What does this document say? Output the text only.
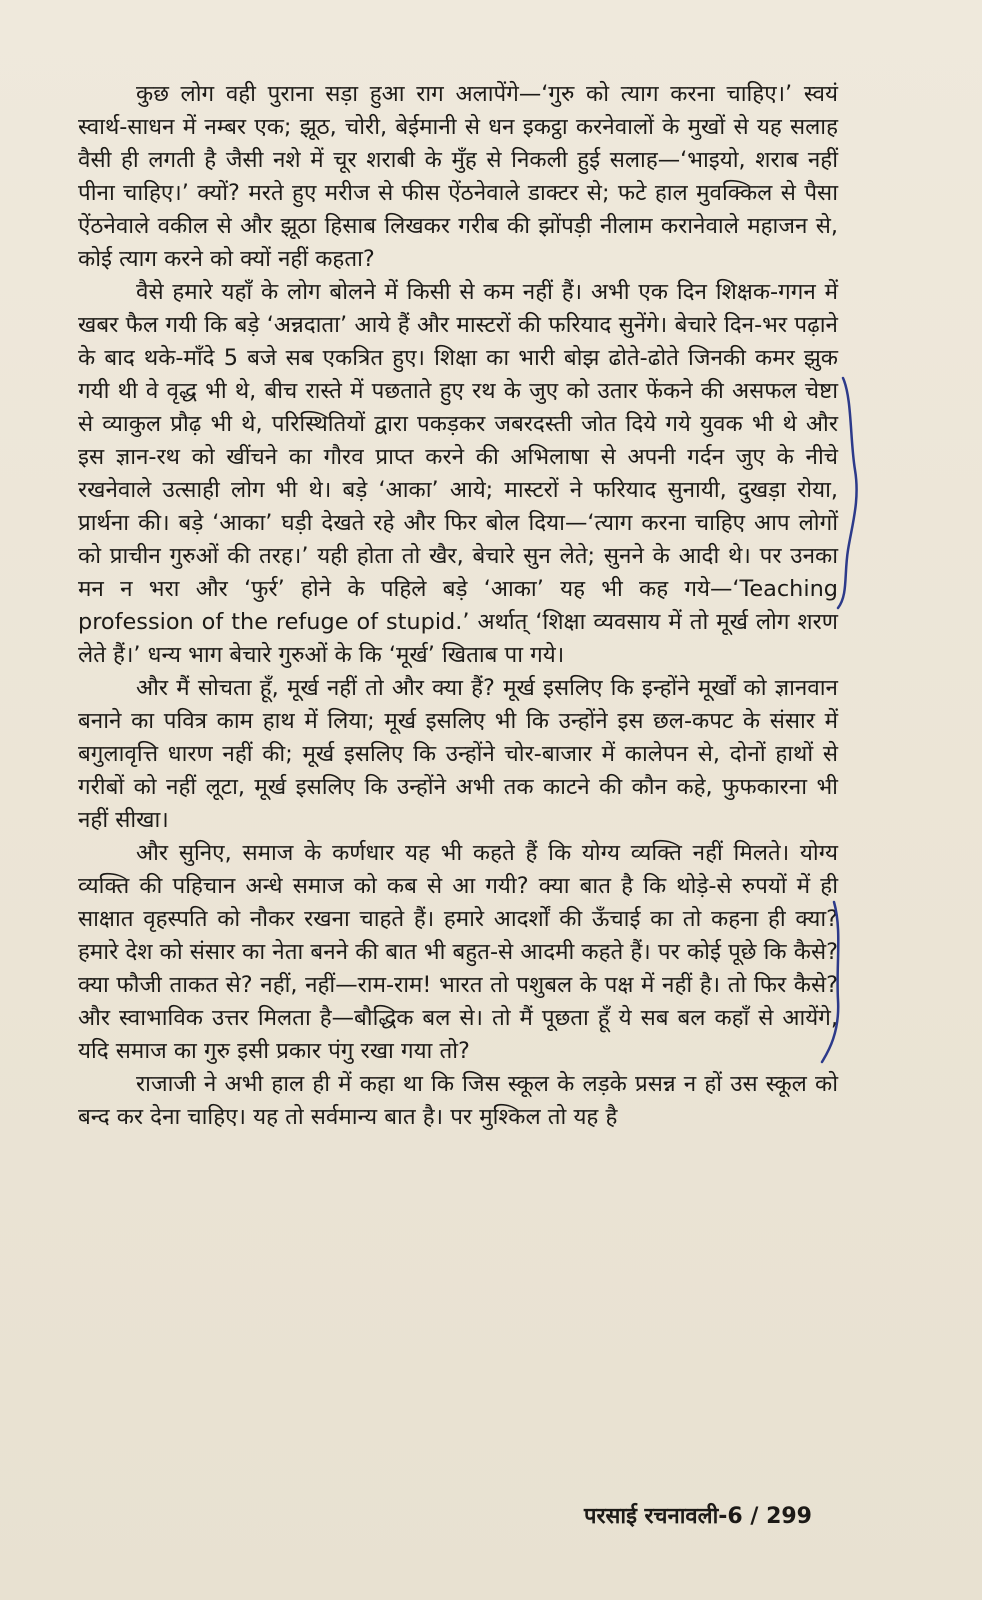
कुछ लोग वही पुराना सड़ा हुआ राग अलापेंगे—‘गुरु को त्याग करना चाहिए।’ स्वयं स्वार्थ-साधन में नम्बर एक; झूठ, चोरी, बेईमानी से धन इकट्ठा करनेवालों के मुखों से यह सलाह वैसी ही लगती है जैसी नशे में चूर शराबी के मुँह से निकली हुई सलाह—‘भाइयो, शराब नहीं पीना चाहिए।’ क्यों? मरते हुए मरीज से फीस ऐंठनेवाले डाक्टर से; फटे हाल मुवक्किल से पैसा ऐंठनेवाले वकील से और झूठा हिसाब लिखकर गरीब की झोंपड़ी नीलाम करानेवाले महाजन से, कोई त्याग करने को क्यों नहीं कहता?

वैसे हमारे यहाँ के लोग बोलने में किसी से कम नहीं हैं। अभी एक दिन शिक्षक-गगन में खबर फैल गयी कि बड़े ‘अन्नदाता’ आये हैं और मास्टरों की फरियाद सुनेंगे। बेचारे दिन-भर पढ़ाने के बाद थके-माँदे 5 बजे सब एकत्रित हुए। शिक्षा का भारी बोझ ढोते-ढोते जिनकी कमर झुक गयी थी वे वृद्ध भी थे, बीच रास्ते में पछताते हुए रथ के जुए को उतार फेंकने की असफल चेष्टा से व्याकुल प्रौढ़ भी थे, परिस्थितियों द्वारा पकड़कर जबरदस्ती जोत दिये गये युवक भी थे और इस ज्ञान-रथ को खींचने का गौरव प्राप्त करने की अभिलाषा से अपनी गर्दन जुए के नीचे रखनेवाले उत्साही लोग भी थे। बड़े ‘आका’ आये; मास्टरों ने फरियाद सुनायी, दुखड़ा रोया, प्रार्थना की। बड़े ‘आका’ घड़ी देखते रहे और फिर बोल दिया—‘त्याग करना चाहिए आप लोगों को प्राचीन गुरुओं की तरह।’ यही होता तो खैर, बेचारे सुन लेते; सुनने के आदी थे। पर उनका मन न भरा और ‘फुर्र’ होने के पहिले बड़े ‘आका’ यह भी कह गये—‘Teaching profession of the refuge of stupid.’ अर्थात् ‘शिक्षा व्यवसाय में तो मूर्ख लोग शरण लेते हैं।’ धन्य भाग बेचारे गुरुओं के कि ‘मूर्ख’ खिताब पा गये।

और मैं सोचता हूँ, मूर्ख नहीं तो और क्या हैं? मूर्ख इसलिए कि इन्होंने मूर्खों को ज्ञानवान बनाने का पवित्र काम हाथ में लिया; मूर्ख इसलिए भी कि उन्होंने इस छल-कपट के संसार में बगुलावृत्ति धारण नहीं की; मूर्ख इसलिए कि उन्होंने चोर-बाजार में कालेपन से, दोनों हाथों से गरीबों को नहीं लूटा, मूर्ख इसलिए कि उन्होंने अभी तक काटने की कौन कहे, फुफकारना भी नहीं सीखा।

और सुनिए, समाज के कर्णधार यह भी कहते हैं कि योग्य व्यक्ति नहीं मिलते। योग्य व्यक्ति की पहिचान अन्धे समाज को कब से आ गयी? क्या बात है कि थोड़े-से रुपयों में ही साक्षात वृहस्पति को नौकर रखना चाहते हैं। हमारे आदर्शों की ऊँचाई का तो कहना ही क्या? हमारे देश को संसार का नेता बनने की बात भी बहुत-से आदमी कहते हैं। पर कोई पूछे कि कैसे? क्या फौजी ताकत से? नहीं, नहीं—राम-राम! भारत तो पशुबल के पक्ष में नहीं है। तो फिर कैसे? और स्वाभाविक उत्तर मिलता है—बौद्धिक बल से। तो मैं पूछता हूँ ये सब बल कहाँ से आयेंगे, यदि समाज का गुरु इसी प्रकार पंगु रखा गया तो?

राजाजी ने अभी हाल ही में कहा था कि जिस स्कूल के लड़के प्रसन्न न हों उस स्कूल को बन्द कर देना चाहिए। यह तो सर्वमान्य बात है। पर मुश्किल तो यह है

परसाई रचनावली-6 / 299
